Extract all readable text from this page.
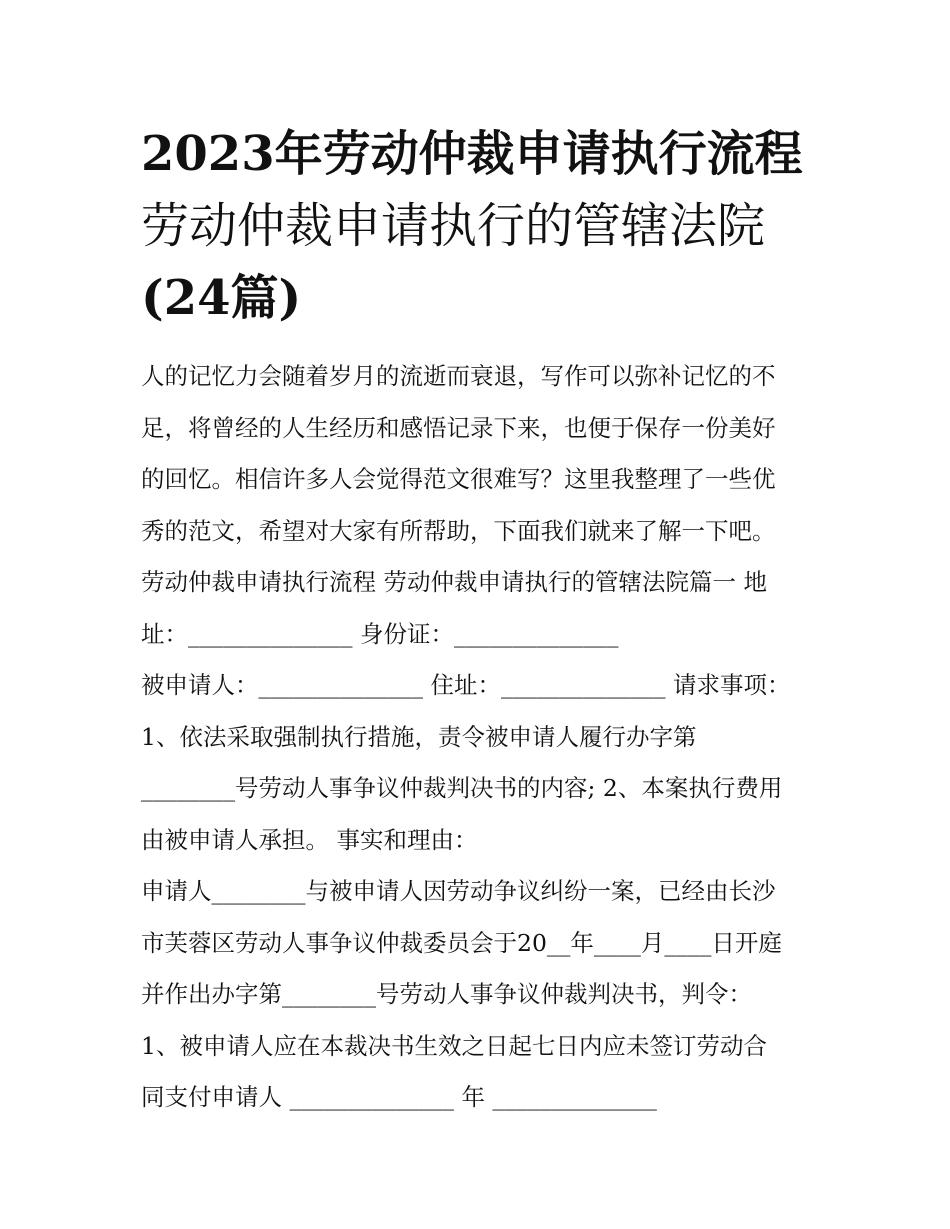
2023年劳动仲裁申请执行流程
劳动仲裁申请执行的管辖法院
(24篇)
人的记忆力会随着岁月的流逝而衰退，写作可以弥补记忆的不
足，将曾经的人生经历和感悟记录下来，也便于保存一份美好
的回忆。相信许多人会觉得范文很难写？这里我整理了一些优
秀的范文，希望对大家有所帮助，下面我们就来了解一下吧。
劳动仲裁申请执行流程 劳动仲裁申请执行的管辖法院篇一 地
址：______________ 身份证：______________
被申请人：______________ 住址：______________ 请求事项：
1、依法采取强制执行措施，责令被申请人履行办字第
________号劳动人事争议仲裁判决书的内容; 2、本案执行费用
由被申请人承担。 事实和理由：
申请人________与被申请人因劳动争议纠纷一案，已经由长沙
市芙蓉区劳动人事争议仲裁委员会于20__年____月____日开庭
并作出办字第________号劳动人事争议仲裁判决书，判令：
1、被申请人应在本裁决书生效之日起七日内应未签订劳动合
同支付申请人 ______________ 年 ______________
